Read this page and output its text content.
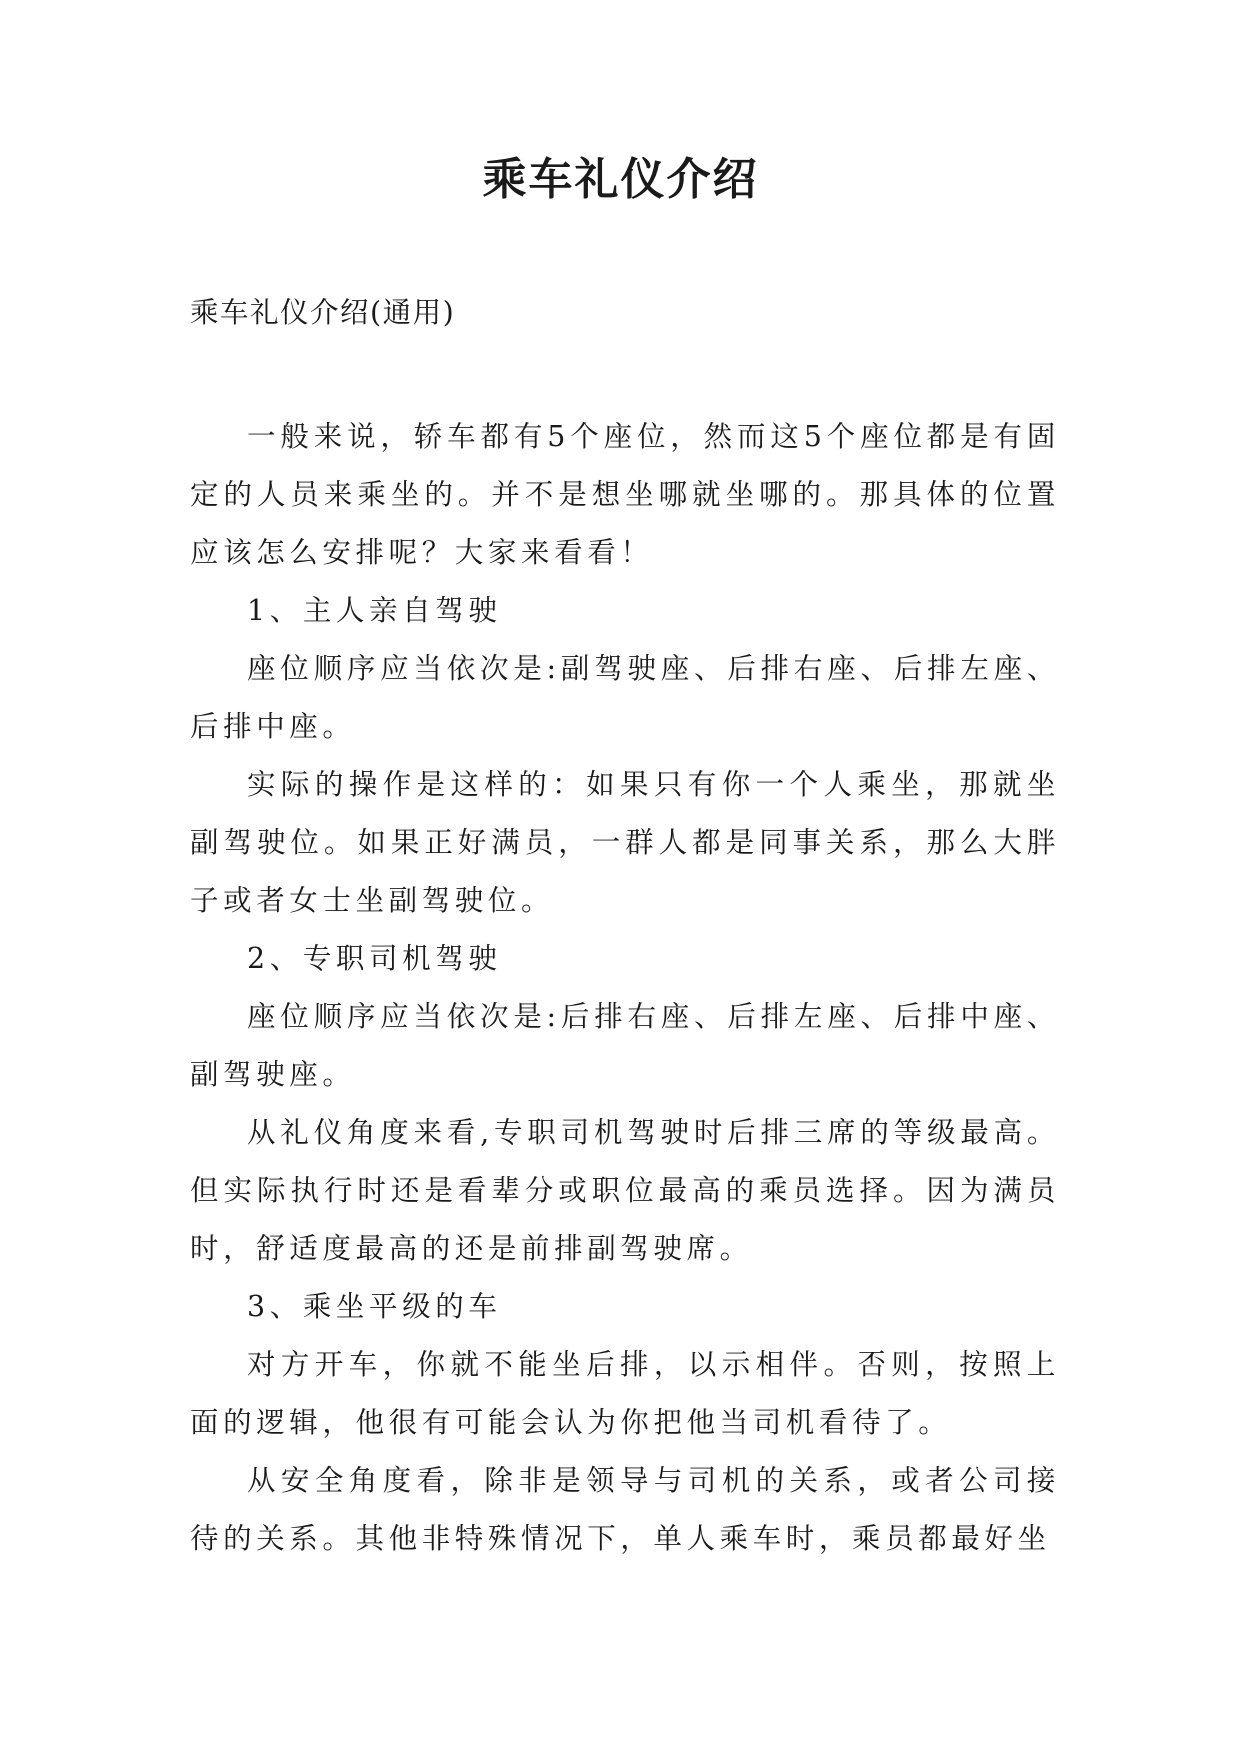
乘车礼仪介绍
乘车礼仪介绍(通用)

一般来说，轿车都有5个座位，然而这5个座位都是有固定的人员来乘坐的。并不是想坐哪就坐哪的。那具体的位置应该怎么安排呢？大家来看看！

1、主人亲自驾驶

座位顺序应当依次是:副驾驶座、后排右座、后排左座、后排中座。

实际的操作是这样的：如果只有你一个人乘坐，那就坐副驾驶位。如果正好满员，一群人都是同事关系，那么大胖子或者女士坐副驾驶位。

2、专职司机驾驶

座位顺序应当依次是:后排右座、后排左座、后排中座、副驾驶座。

从礼仪角度来看,专职司机驾驶时后排三席的等级最高。但实际执行时还是看辈分或职位最高的乘员选择。因为满员时，舒适度最高的还是前排副驾驶席。

3、乘坐平级的车

对方开车，你就不能坐后排，以示相伴。否则，按照上面的逻辑，他很有可能会认为你把他当司机看待了。

从安全角度看，除非是领导与司机的关系，或者公司接待的关系。其他非特殊情况下，单人乘车时，乘员都最好坐
